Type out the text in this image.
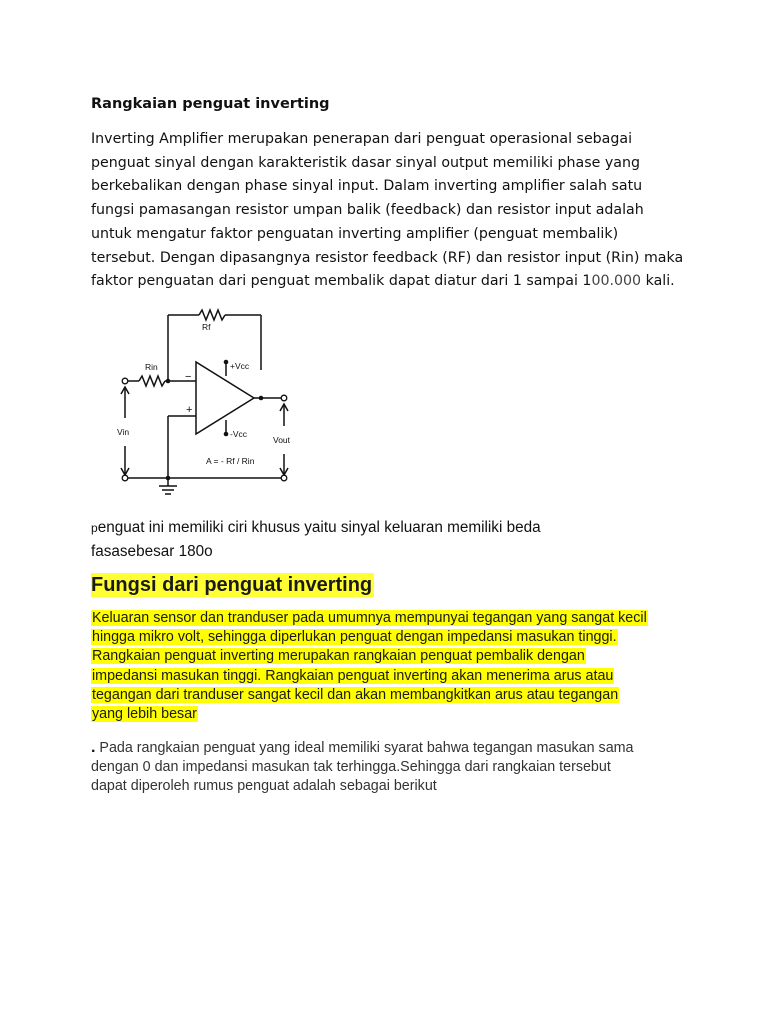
Rangkaian penguat inverting

Inverting Amplifier merupakan penerapan dari penguat operasional sebagai
penguat sinyal dengan karakteristik dasar sinyal output memiliki phase yang
berkebalikan dengan phase sinyal input. Dalam inverting amplifier salah satu
fungsi pamasangan resistor umpan balik (feedback) dan resistor input adalah
untuk mengatur faktor penguatan inverting amplifier (penguat membalik)
tersebut. Dengan dipasangnya resistor feedback (RF) dan resistor input (Rin) maka
faktor penguatan dari penguat membalik dapat diatur dari 1 sampai 100.000 kali.

Rf
Rin	+Vcc
-Vcc
−
+
Vin
Vout
A = - Rf / Rin

penguat ini memiliki ciri khusus yaitu sinyal keluaran memiliki beda
fasasebesar 180o

Fungsi dari penguat inverting

Keluaran sensor dan tranduser pada umumnya mempunyai tegangan yang sangat kecil
hingga mikro volt, sehingga diperlukan penguat dengan impedansi masukan tinggi.
Rangkaian penguat inverting merupakan rangkaian penguat pembalik dengan
impedansi masukan tinggi. Rangkaian penguat inverting akan menerima arus atau
tegangan dari tranduser sangat kecil dan akan membangkitkan arus atau tegangan
yang lebih besar

. Pada rangkaian penguat yang ideal memiliki syarat bahwa tegangan masukan sama
dengan 0 dan impedansi masukan tak terhingga.Sehingga dari rangkaian tersebut
dapat diperoleh rumus penguat adalah sebagai berikut
